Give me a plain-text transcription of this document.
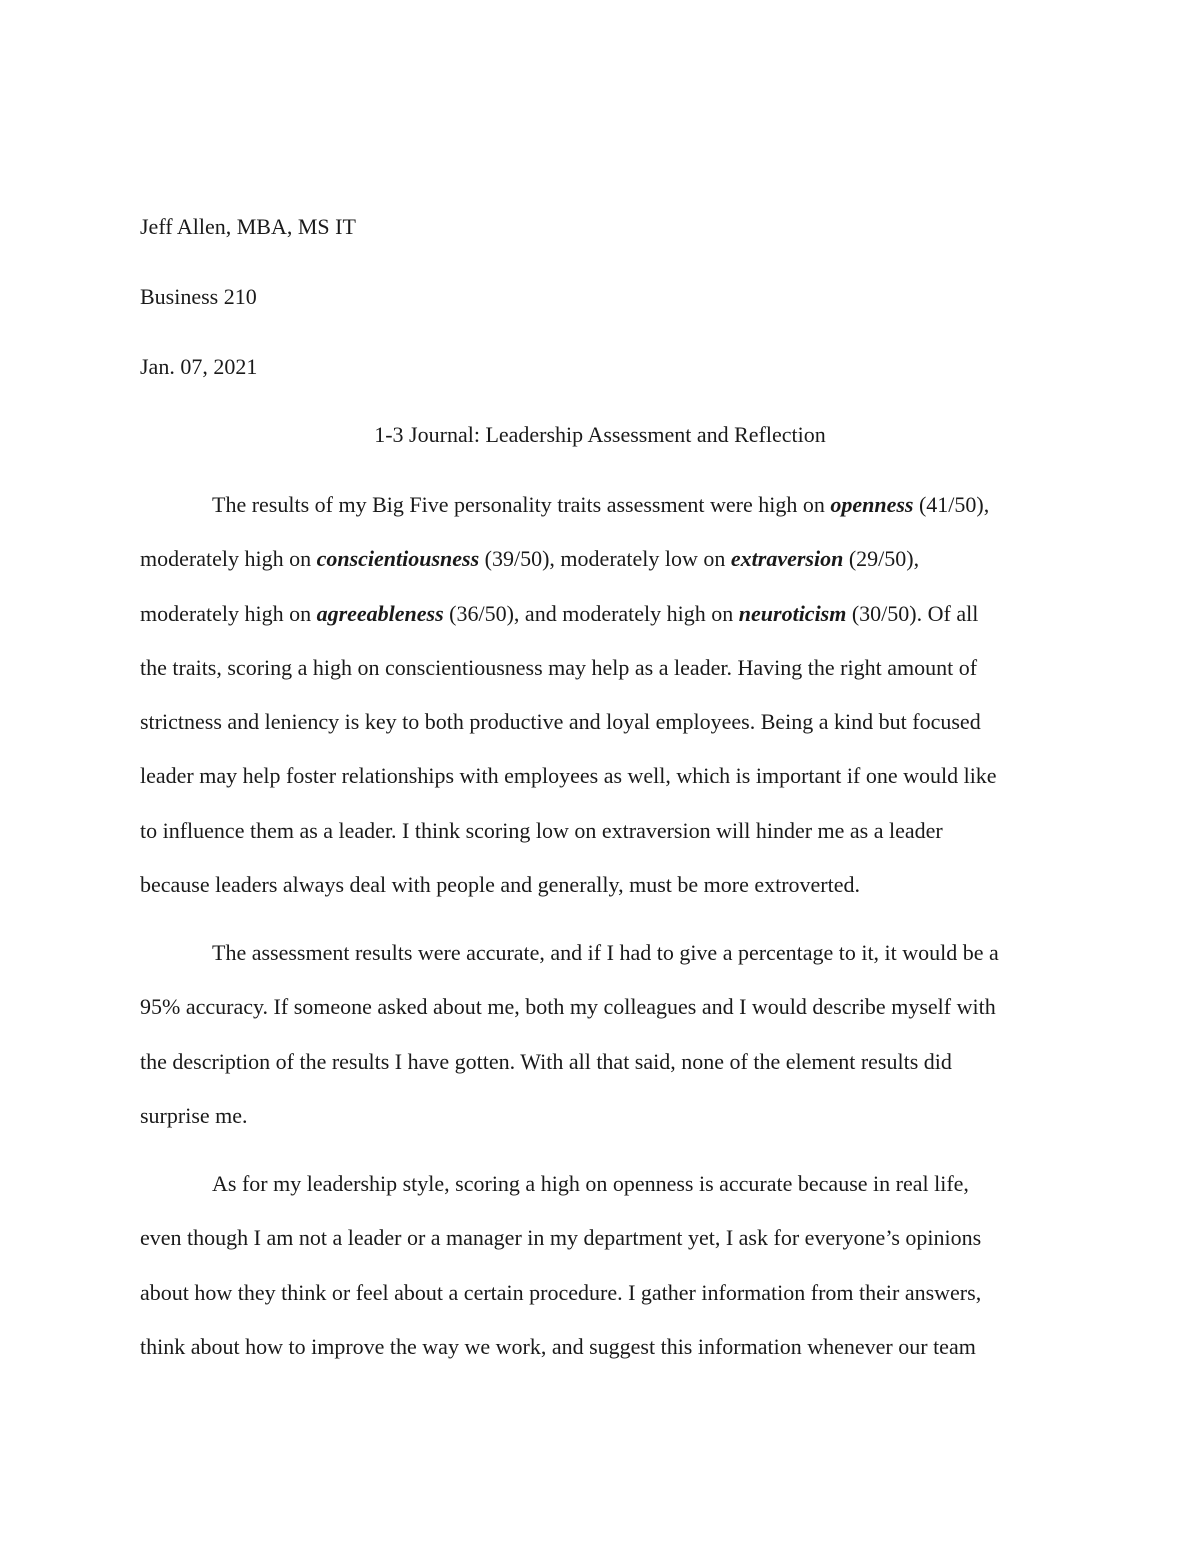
Jeff Allen, MBA, MS IT
Business 210
Jan. 07, 2021
1-3 Journal: Leadership Assessment and Reflection
The results of my Big Five personality traits assessment were high on openness (41/50),
moderately high on conscientiousness (39/50), moderately low on extraversion (29/50),
moderately high on agreeableness (36/50), and moderately high on neuroticism (30/50). Of all
the traits, scoring a high on conscientiousness may help as a leader. Having the right amount of
strictness and leniency is key to both productive and loyal employees. Being a kind but focused
leader may help foster relationships with employees as well, which is important if one would like
to influence them as a leader. I think scoring low on extraversion will hinder me as a leader
because leaders always deal with people and generally, must be more extroverted.
The assessment results were accurate, and if I had to give a percentage to it, it would be a
95% accuracy. If someone asked about me, both my colleagues and I would describe myself with
the description of the results I have gotten. With all that said, none of the element results did
surprise me.
As for my leadership style, scoring a high on openness is accurate because in real life,
even though I am not a leader or a manager in my department yet, I ask for everyone’s opinions
about how they think or feel about a certain procedure. I gather information from their answers,
think about how to improve the way we work, and suggest this information whenever our team
